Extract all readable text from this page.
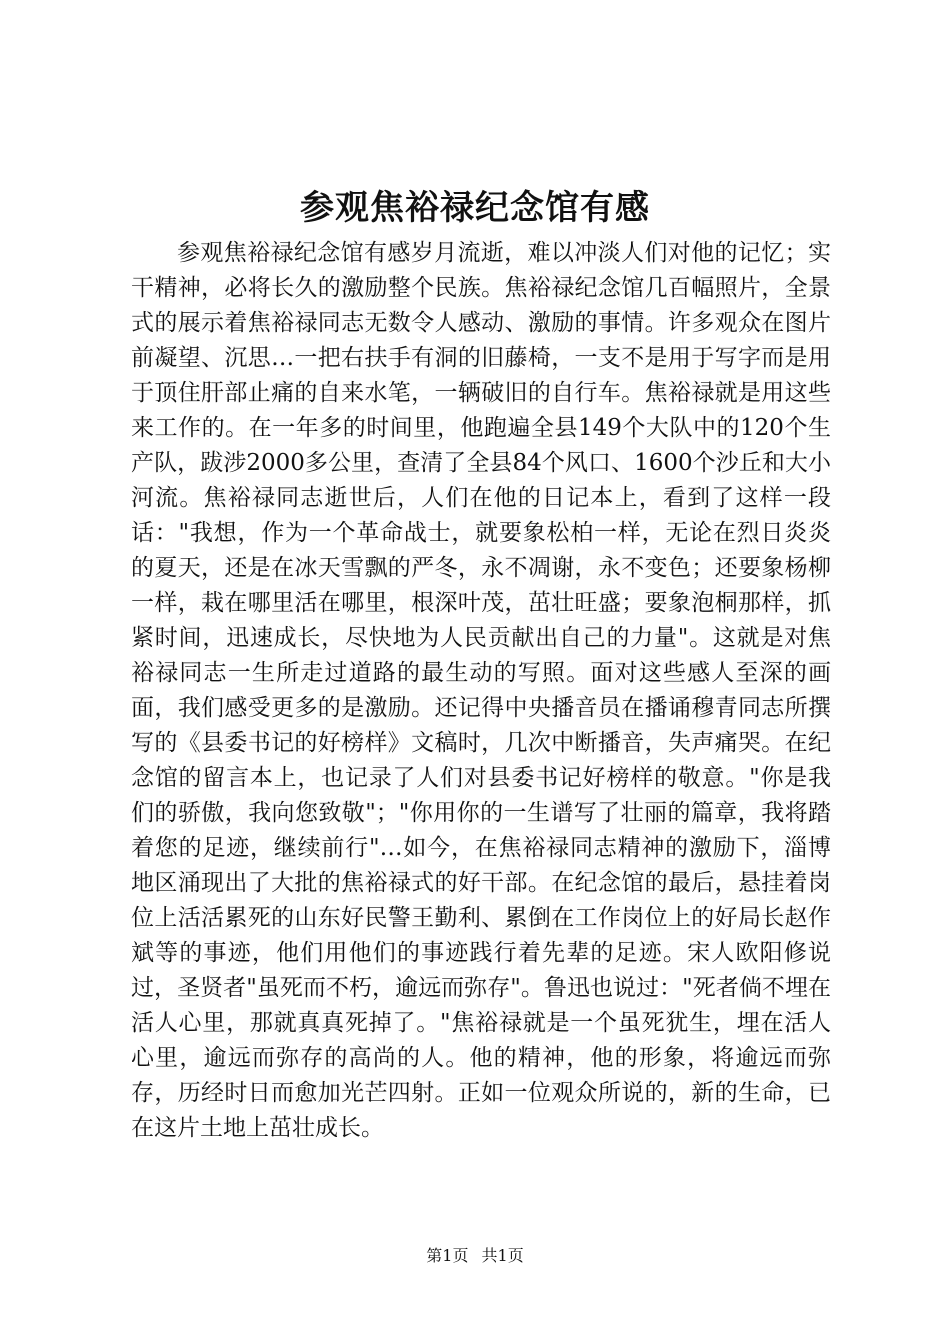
参观焦裕禄纪念馆有感

参观焦裕禄纪念馆有感岁月流逝，难以冲淡人们对他的记忆；实干精神，必将长久的激励整个民族。焦裕禄纪念馆几百幅照片，全景式的展示着焦裕禄同志无数令人感动、激励的事情。许多观众在图片前凝望、沉思…一把右扶手有洞的旧藤椅，一支不是用于写字而是用于顶住肝部止痛的自来水笔，一辆破旧的自行车。焦裕禄就是用这些来工作的。在一年多的时间里，他跑遍全县149个大队中的120个生产队，跋涉2000多公里，查清了全县84个风口、1600个沙丘和大小河流。焦裕禄同志逝世后，人们在他的日记本上，看到了这样一段话："我想，作为一个革命战士，就要象松柏一样，无论在烈日炎炎的夏天，还是在冰天雪飘的严冬，永不凋谢，永不变色；还要象杨柳一样，栽在哪里活在哪里，根深叶茂，茁壮旺盛；要象泡桐那样，抓紧时间，迅速成长，尽快地为人民贡献出自己的力量"。这就是对焦裕禄同志一生所走过道路的最生动的写照。面对这些感人至深的画面，我们感受更多的是激励。还记得中央播音员在播诵穆青同志所撰写的《县委书记的好榜样》文稿时，几次中断播音，失声痛哭。在纪念馆的留言本上，也记录了人们对县委书记好榜样的敬意。"你是我们的骄傲，我向您致敬"；"你用你的一生谱写了壮丽的篇章，我将踏着您的足迹，继续前行"…如今，在焦裕禄同志精神的激励下，淄博地区涌现出了大批的焦裕禄式的好干部。在纪念馆的最后，悬挂着岗位上活活累死的山东好民警王勤利、累倒在工作岗位上的好局长赵作斌等的事迹，他们用他们的事迹践行着先辈的足迹。宋人欧阳修说过，圣贤者"虽死而不朽，逾远而弥存"。鲁迅也说过："死者倘不埋在活人心里，那就真真死掉了。"焦裕禄就是一个虽死犹生，埋在活人心里，逾远而弥存的高尚的人。他的精神，他的形象，将逾远而弥存，历经时日而愈加光芒四射。正如一位观众所说的，新的生命，已在这片土地上茁壮成长。

第1页 共1页
